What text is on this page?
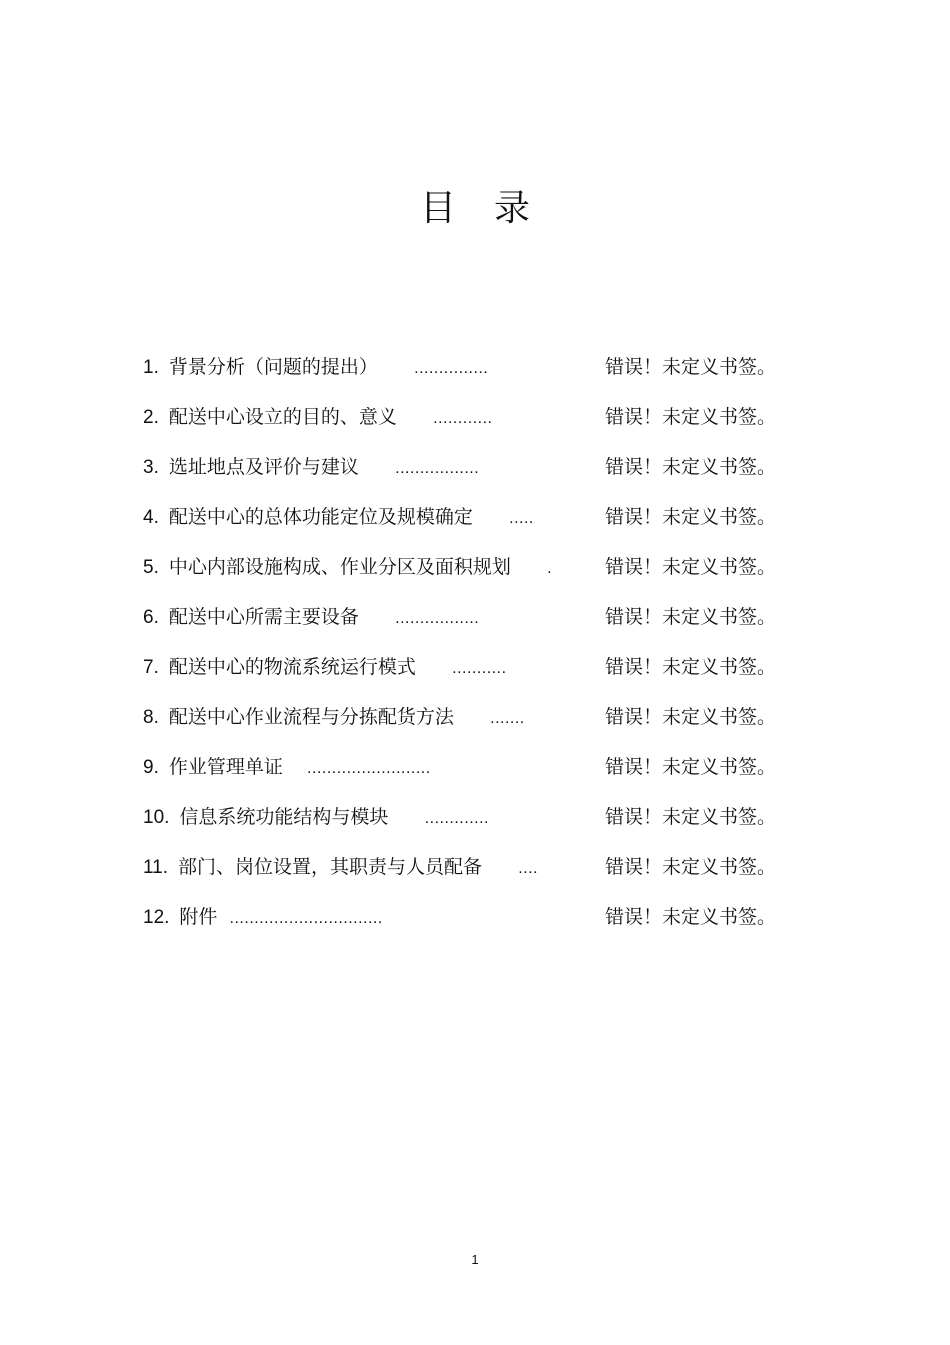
目录
1. 背景分析（问题的提出） ...............	错误！未定义书签。
2. 配送中心设立的目的、意义 ............	错误！未定义书签。
3. 选址地点及评价与建议 .................	错误！未定义书签。
4. 配送中心的总体功能定位及规模确定 .....	错误！未定义书签。
5. 中心内部设施构成、作业分区及面积规划 .	错误！未定义书签。
6. 配送中心所需主要设备 .................	错误！未定义书签。
7. 配送中心的物流系统运行模式 ...........	错误！未定义书签。
8. 配送中心作业流程与分拣配货方法 .......	错误！未定义书签。
9. 作业管理单证 .........................	错误！未定义书签。
10. 信息系统功能结构与模块 .............	错误！未定义书签。
11. 部门、岗位设置，其职责与人员配备 ....	错误！未定义书签。
12. 附件 ...............................	错误！未定义书签。
1
